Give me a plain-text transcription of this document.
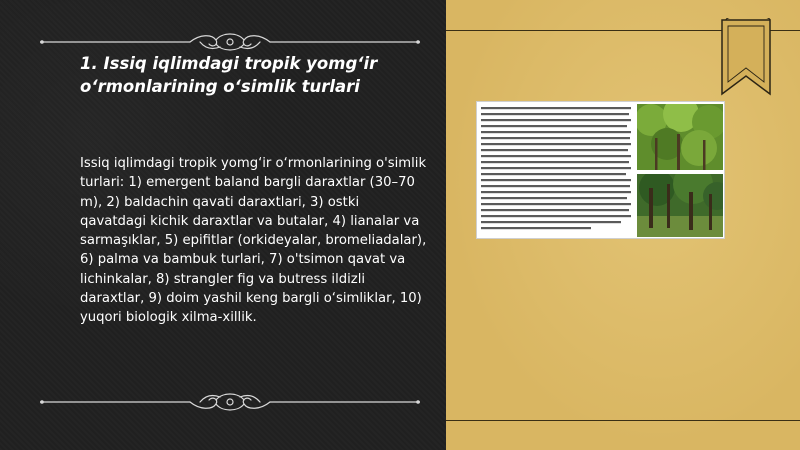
1. Issiq iqlimdagi tropik yomg‘ir o‘rmonlarining o‘simlik turlari

Issiq iqlimdagi tropik yomg‘ir o‘rmonlarining o'simlik turlari: 1) emergent baland bargli daraxtlar (30–70 m), 2) baldachin qavati daraxtlari, 3) ostki qavatdagi kichik daraxtlar va butalar, 4) lianalar va sarmaşıklar, 5) epifitlar (orkideyalar, bromeliadalar), 6) palma va bambuk turlari, 7) o'tsimon qavat va lichinkalar, 8) strangler fig va butress ildizli daraxtlar, 9) doim yashil keng bargli o‘simliklar, 10) yuqori biologik xilma-xillik.
